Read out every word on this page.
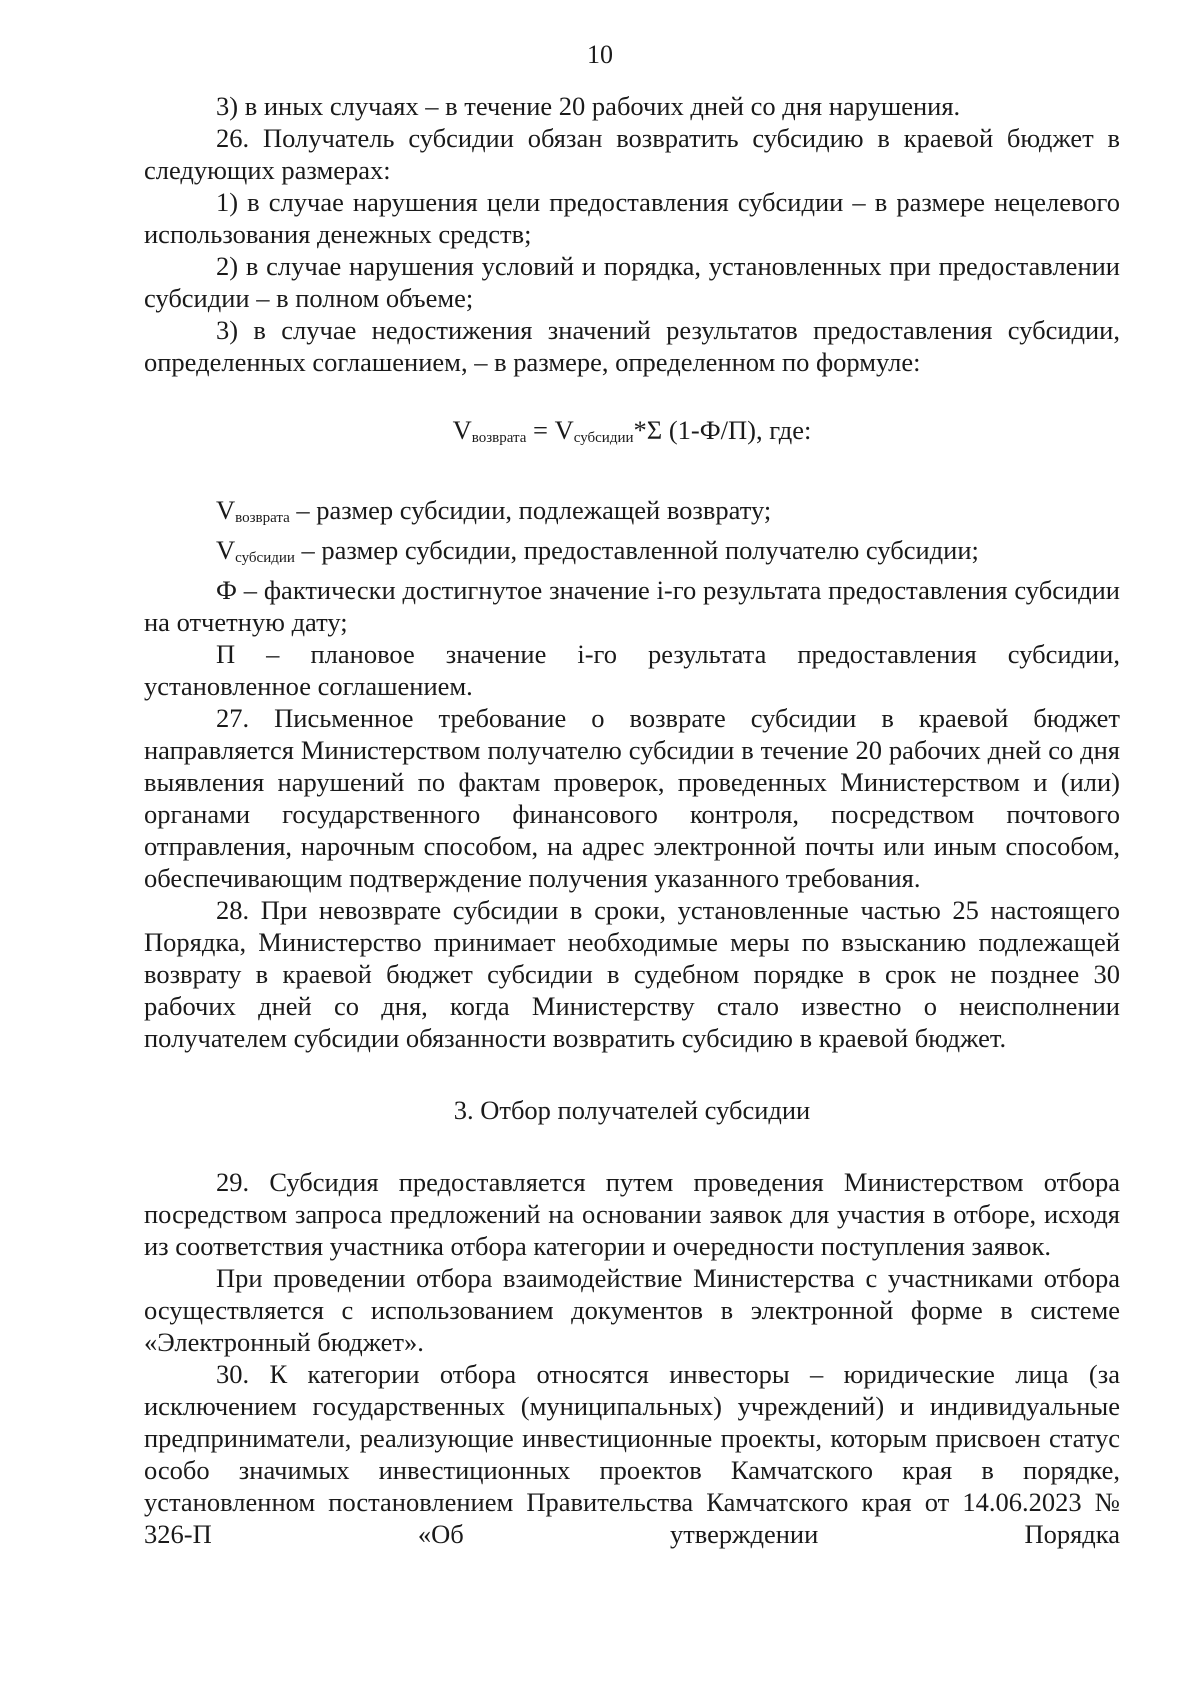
10

3) в иных случаях – в течение 20 рабочих дней со дня нарушения.

26. Получатель субсидии обязан возвратить субсидию в краевой бюджет в следующих размерах:

1) в случае нарушения цели предоставления субсидии – в размере нецелевого использования денежных средств;

2) в случае нарушения условий и порядка, установленных при предоставлении субсидии – в полном объеме;

3) в случае недостижения значений результатов предоставления субсидии, определенных соглашением, – в размере, определенном по формуле:

$V_{возврата} = V_{субсидии}*\Sigma$ (1-Ф/П), где:

$V_{возврата}$ – размер субсидии, подлежащей возврату;

$V_{субсидии}$ – размер субсидии, предоставленной получателю субсидии;

Ф – фактически достигнутое значение i-го результата предоставления субсидии на отчетную дату;

П – плановое значение i-го результата предоставления субсидии, установленное соглашением.

27. Письменное требование о возврате субсидии в краевой бюджет направляется Министерством получателю субсидии в течение 20 рабочих дней со дня выявления нарушений по фактам проверок, проведенных Министерством и (или) органами государственного финансового контроля, посредством почтового отправления, нарочным способом, на адрес электронной почты или иным способом, обеспечивающим подтверждение получения указанного требования.

28. При невозврате субсидии в сроки, установленные частью 25 настоящего Порядка, Министерство принимает необходимые меры по взысканию подлежащей возврату в краевой бюджет субсидии в судебном порядке в срок не позднее 30 рабочих дней со дня, когда Министерству стало известно о неисполнении получателем субсидии обязанности возвратить субсидию в краевой бюджет.

3. Отбор получателей субсидии

29. Субсидия предоставляется путем проведения Министерством отбора посредством запроса предложений на основании заявок для участия в отборе, исходя из соответствия участника отбора категории и очередности поступления заявок.

При проведении отбора взаимодействие Министерства с участниками отбора осуществляется с использованием документов в электронной форме в системе «Электронный бюджет».

30. К категории отбора относятся инвесторы – юридические лица (за исключением государственных (муниципальных) учреждений) и индивидуальные предприниматели, реализующие инвестиционные проекты, которым присвоен статус особо значимых инвестиционных проектов Камчатского края в порядке, установленном постановлением Правительства Камчатского края от 14.06.2023 № 326-П «Об утверждении Порядка
